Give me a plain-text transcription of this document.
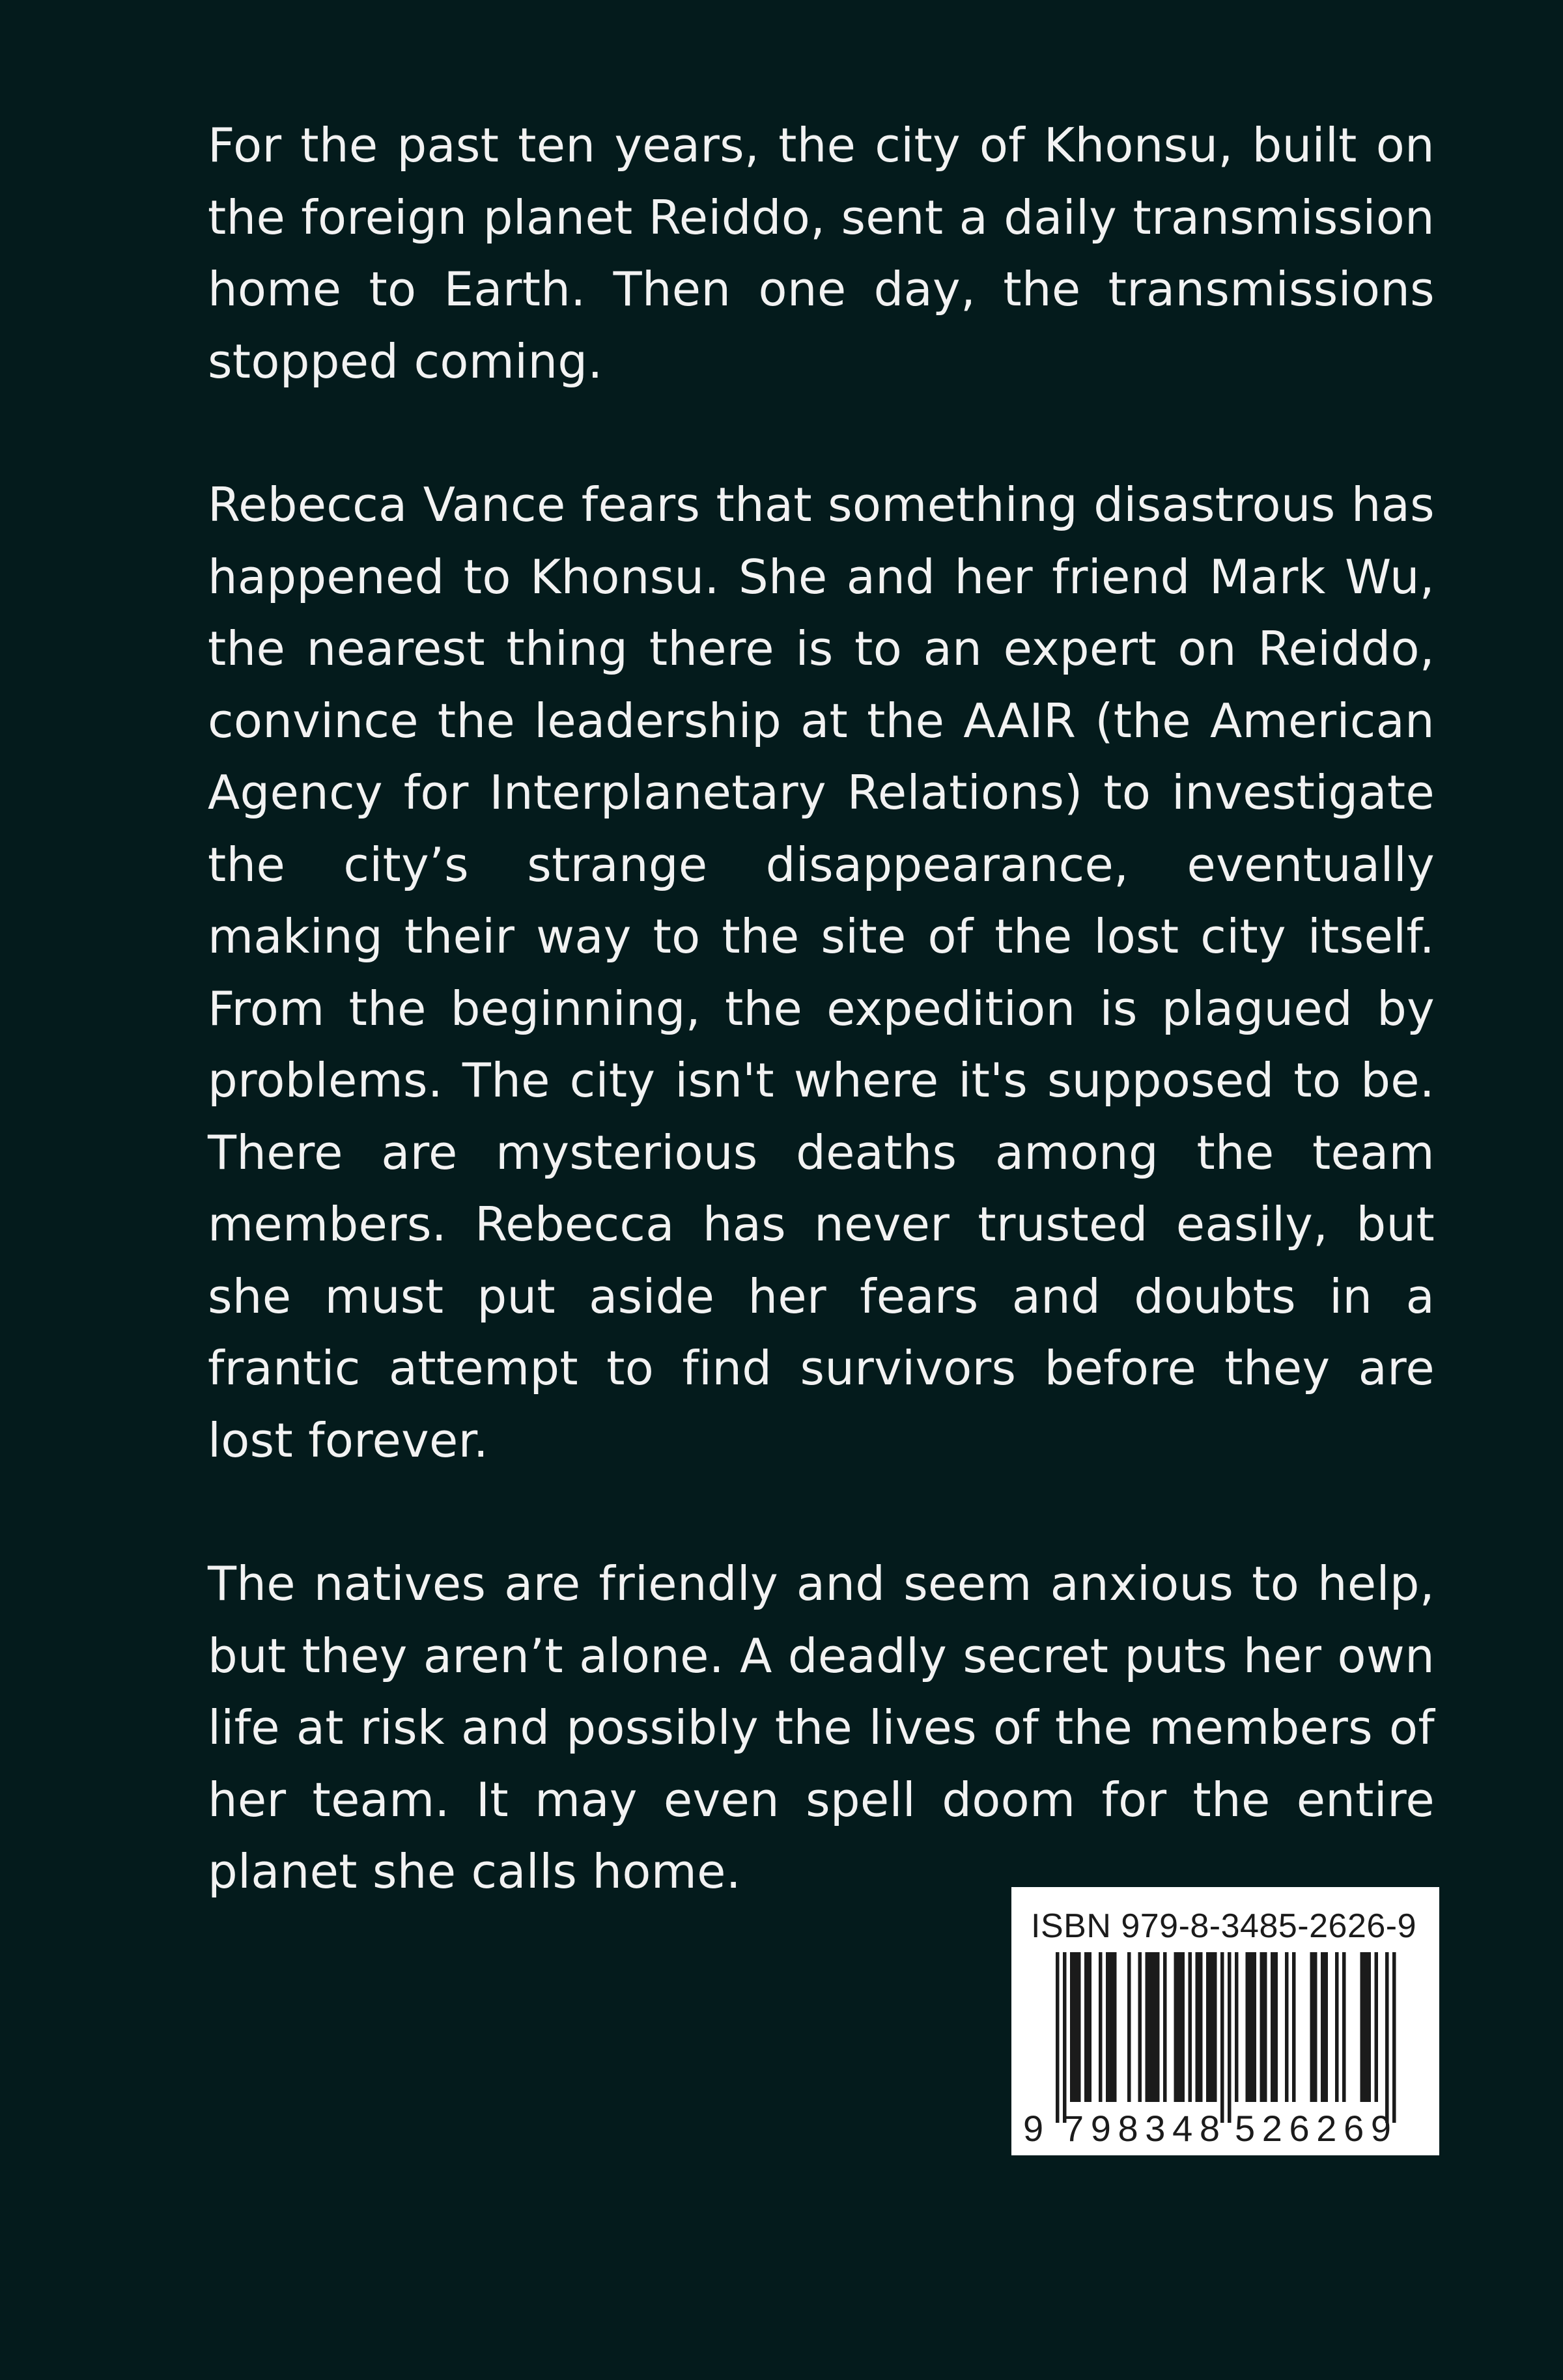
For the past ten years, the city of Khonsu, built on the foreign planet Reiddo, sent a daily transmission home to Earth. Then one day, the transmissions stopped coming.

Rebecca Vance fears that something disastrous has happened to Khonsu. She and her friend Mark Wu, the nearest thing there is to an expert on Reiddo, convince the leadership at the AAIR (the American Agency for Interplanetary Relations) to investigate the city’s strange disappearance, eventually making their way to the site of the lost city itself. From the beginning, the expedition is plagued by problems. The city isn't where it's supposed to be. There are mysterious deaths among the team members. Rebecca has never trusted easily, but she must put aside her fears and doubts in a frantic attempt to find survivors before they are lost forever.

The natives are friendly and seem anxious to help, but they aren’t alone. A deadly secret puts her own life at risk and possibly the lives of the members of her team. It may even spell doom for the entire planet she calls home.

ISBN 979-8-3485-2626-9
9 798348 526269
